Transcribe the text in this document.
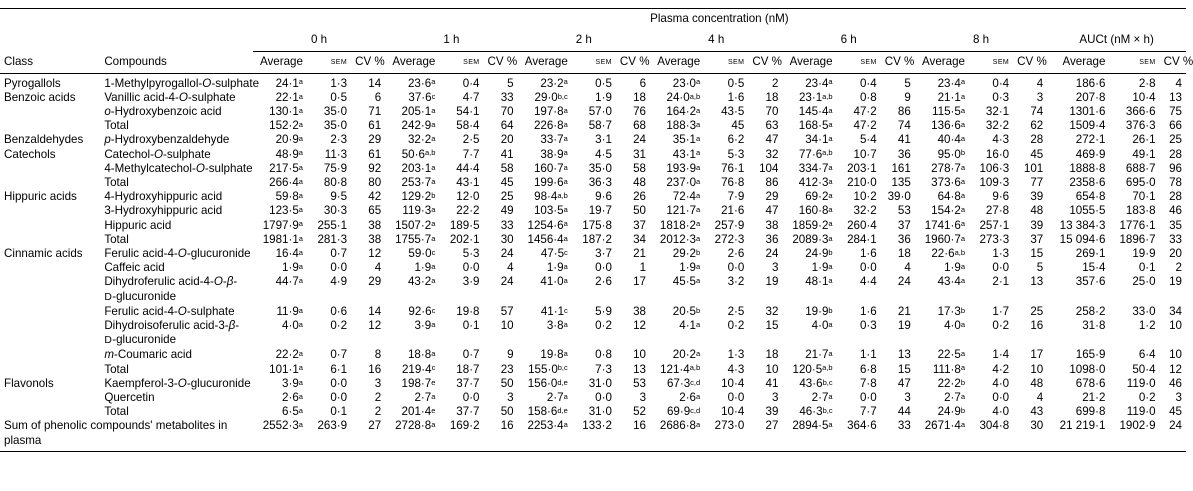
		Plasma concentration (nM)																				
		0 h			1 h			2 h			4 h			6 h			8 h			AUCt (nM × h)		
Class	Compounds	Average	sem	CV %	Average	sem	CV %	Average	sem	CV %	Average	sem	CV %	Average	sem	CV %	Average	sem	CV %	Average	sem	CV %
Pyrogallols	1-Methylpyrogallol-O-sulphate	$24\cdot 1^a$	1·3	14	$23\cdot 6^a$	0·4	5	$23\cdot 2^a$	0·5	6	$23\cdot 0^a$	0·5	2	$23\cdot 4^a$	0·4	5	$23\cdot 4^a$	0·4	4	186·6	2·8	4
Benzoic acids	Vanillic acid-4-O-sulphate	$22\cdot 1^a$	0·5	6	$37\cdot 6^c$	4·7	33	$29\cdot 0^{b,c}$	1·9	18	$24\cdot 0^{a,b}$	1·6	18	$23\cdot 1^{a,b}$	0·8	9	$21\cdot 1^a$	0·3	3	207·8	10·4	13
	o-Hydroxybenzoic acid	$130\cdot 1^a$	35·0	71	$205\cdot 1^a$	54·1	70	$197\cdot 8^a$	57·0	76	$164\cdot 2^a$	43·5	70	$145\cdot 4^a$	47·2	86	$115\cdot 5^a$	32·1	74	1301·6	366·6	75
	Total	$152\cdot 2^a$	35·0	61	$242\cdot 9^a$	58·4	64	$226\cdot 8^a$	58·7	68	$188\cdot 3^a$	45	63	$168\cdot 5^a$	47·2	74	$136\cdot 6^a$	32·2	62	1509·4	376·3	66
Benzaldehydes	p-Hydroxybenzaldehyde	$20\cdot 9^a$	2·3	29	$32\cdot 2^a$	2·5	20	$33\cdot 7^a$	3·1	24	$35\cdot 1^a$	6·2	47	$34\cdot 1^a$	5·4	41	$40\cdot 4^a$	4·3	28	272·1	26·1	25
Catechols	Catechol-O-sulphate	$48\cdot 9^a$	11·3	61	$50\cdot 6^{a,b}$	7·7	41	$38\cdot 9^a$	4·5	31	$43\cdot 1^a$	5·3	32	$77\cdot 6^{a,b}$	10·7	36	$95\cdot 0^b$	16·0	45	469·9	49·1	28
	4-Methylcatechol-O-sulphate	$217\cdot 5^a$	75·9	92	$203\cdot 1^a$	44·4	58	$160\cdot 7^a$	35·0	58	$193\cdot 9^a$	76·1	104	$334\cdot 7^a$	203·1	161	$278\cdot 7^a$	106·3	101	1888·8	688·7	96
	Total	$266\cdot 4^a$	80·8	80	$253\cdot 7^a$	43·1	45	$199\cdot 6^a$	36·3	48	$237\cdot 0^a$	76·8	86	$412\cdot 3^a$	210·0	135	$373\cdot 6^a$	109·3	77	2358·6	695·0	78
Hippuric acids	4-Hydroxyhippuric acid	$59\cdot 8^a$	9·5	42	$129\cdot 2^b$	12·0	25	$98\cdot 4^{a,b}$	9·6	26	$72\cdot 4^a$	7·9	29	$69\cdot 2^a$	10·2	39·0	$64\cdot 8^a$	9·6	39	654·8	70·1	28
	3-Hydroxyhippuric acid	$123\cdot 5^a$	30·3	65	$119\cdot 3^a$	22·2	49	$103\cdot 5^a$	19·7	50	$121\cdot 7^a$	21·6	47	$160\cdot 8^a$	32·2	53	$154\cdot 2^a$	27·8	48	1055·5	183·8	46
	Hippuric acid	$1797\cdot 9^a$	255·1	38	$1507\cdot 2^a$	189·5	33	$1254\cdot 6^a$	175·8	37	$1818\cdot 2^a$	257·9	38	$1859\cdot 2^a$	260·4	37	$1741\cdot 6^a$	257·1	39	13 384·3	1776·1	35
	Total	$1981\cdot 1^a$	281·3	38	$1755\cdot 7^a$	202·1	30	$1456\cdot 4^a$	187·2	34	$2012\cdot 3^a$	272·3	36	$2089\cdot 3^a$	284·1	36	$1960\cdot 7^a$	273·3	37	15 094·6	1896·7	33
Cinnamic acids	Ferulic acid-4-O-glucuronide	$16\cdot 4^a$	0·7	12	$59\cdot 0^c$	5·3	24	$47\cdot 5^c$	3·7	21	$29\cdot 2^b$	2·6	24	$24\cdot 9^b$	1·6	18	$22\cdot 6^{a,b}$	1·3	15	269·1	19·9	20
	Caffeic acid	$1\cdot 9^a$	0·0	4	$1\cdot 9^a$	0·0	4	$1\cdot 9^a$	0·0	1	$1\cdot 9^a$	0·0	3	$1\cdot 9^a$	0·0	4	$1\cdot 9^a$	0·0	5	15·4	0·1	2
	Dihydroferulic acid-4-O-β-D-glucuronide	$44\cdot 7^a$	4·9	29	$43\cdot 2^a$	3·9	24	$41\cdot 0^a$	2·6	17	$45\cdot 5^a$	3·2	19	$48\cdot 1^a$	4·4	24	$43\cdot 4^a$	2·1	13	357·6	25·0	19
	Ferulic acid-4-O-sulphate	$11\cdot 9^a$	0·6	14	$92\cdot 6^c$	19·8	57	$41\cdot 1^c$	5·9	38	$20\cdot 5^b$	2·5	32	$19\cdot 9^b$	1·6	21	$17\cdot 3^b$	1·7	25	258·2	33·0	34
	Dihydroisoferulic acid-3-β-D-glucuronide	$4\cdot 0^a$	0·2	12	$3\cdot 9^a$	0·1	10	$3\cdot 8^a$	0·2	12	$4\cdot 1^a$	0·2	15	$4\cdot 0^a$	0·3	19	$4\cdot 0^a$	0·2	16	31·8	1·2	10
	m-Coumaric acid	$22\cdot 2^a$	0·7	8	$18\cdot 8^a$	0·7	9	$19\cdot 8^a$	0·8	10	$20\cdot 2^a$	1·3	18	$21\cdot 7^a$	1·1	13	$22\cdot 5^a$	1·4	17	165·9	6·4	10
	Total	$101\cdot 1^a$	6·1	16	$219\cdot 4^c$	18·7	23	$155\cdot 0^{b,c}$	7·3	13	$121\cdot 4^{a,b}$	4·3	10	$120\cdot 5^{a,b}$	6·8	15	$111\cdot 8^a$	4·2	10	1098·0	50·4	12
Flavonols	Kaempferol-3-O-glucuronide	$3\cdot 9^a$	0·0	3	$198\cdot 7^e$	37·7	50	$156\cdot 0^{d,e}$	31·0	53	$67\cdot 3^{c,d}$	10·4	41	$43\cdot 6^{b,c}$	7·8	47	$22\cdot 2^b$	4·0	48	678·6	119·0	46
	Quercetin	$2\cdot 6^a$	0·0	2	$2\cdot 7^a$	0·0	3	$2\cdot 7^a$	0·0	3	$2\cdot 6^a$	0·0	3	$2\cdot 7^a$	0·0	3	$2\cdot 7^a$	0·0	4	21·2	0·2	3
	Total	$6\cdot 5^a$	0·1	2	$201\cdot 4^e$	37·7	50	$158\cdot 6^{d,e}$	31·0	52	$69\cdot 9^{c,d}$	10·4	39	$46\cdot 3^{b,c}$	7·7	44	$24\cdot 9^b$	4·0	43	699·8	119·0	45
Sum of phenolic compounds' metabolites in plasma		$2552\cdot 3^a$	263·9	27	$2728\cdot 8^a$	169·2	16	$2253\cdot 4^a$	133·2	16	$2686\cdot 8^a$	273·0	27	$2894\cdot 5^a$	364·6	33	$2671\cdot 4^a$	304·8	30	21 219·1	1902·9	24
